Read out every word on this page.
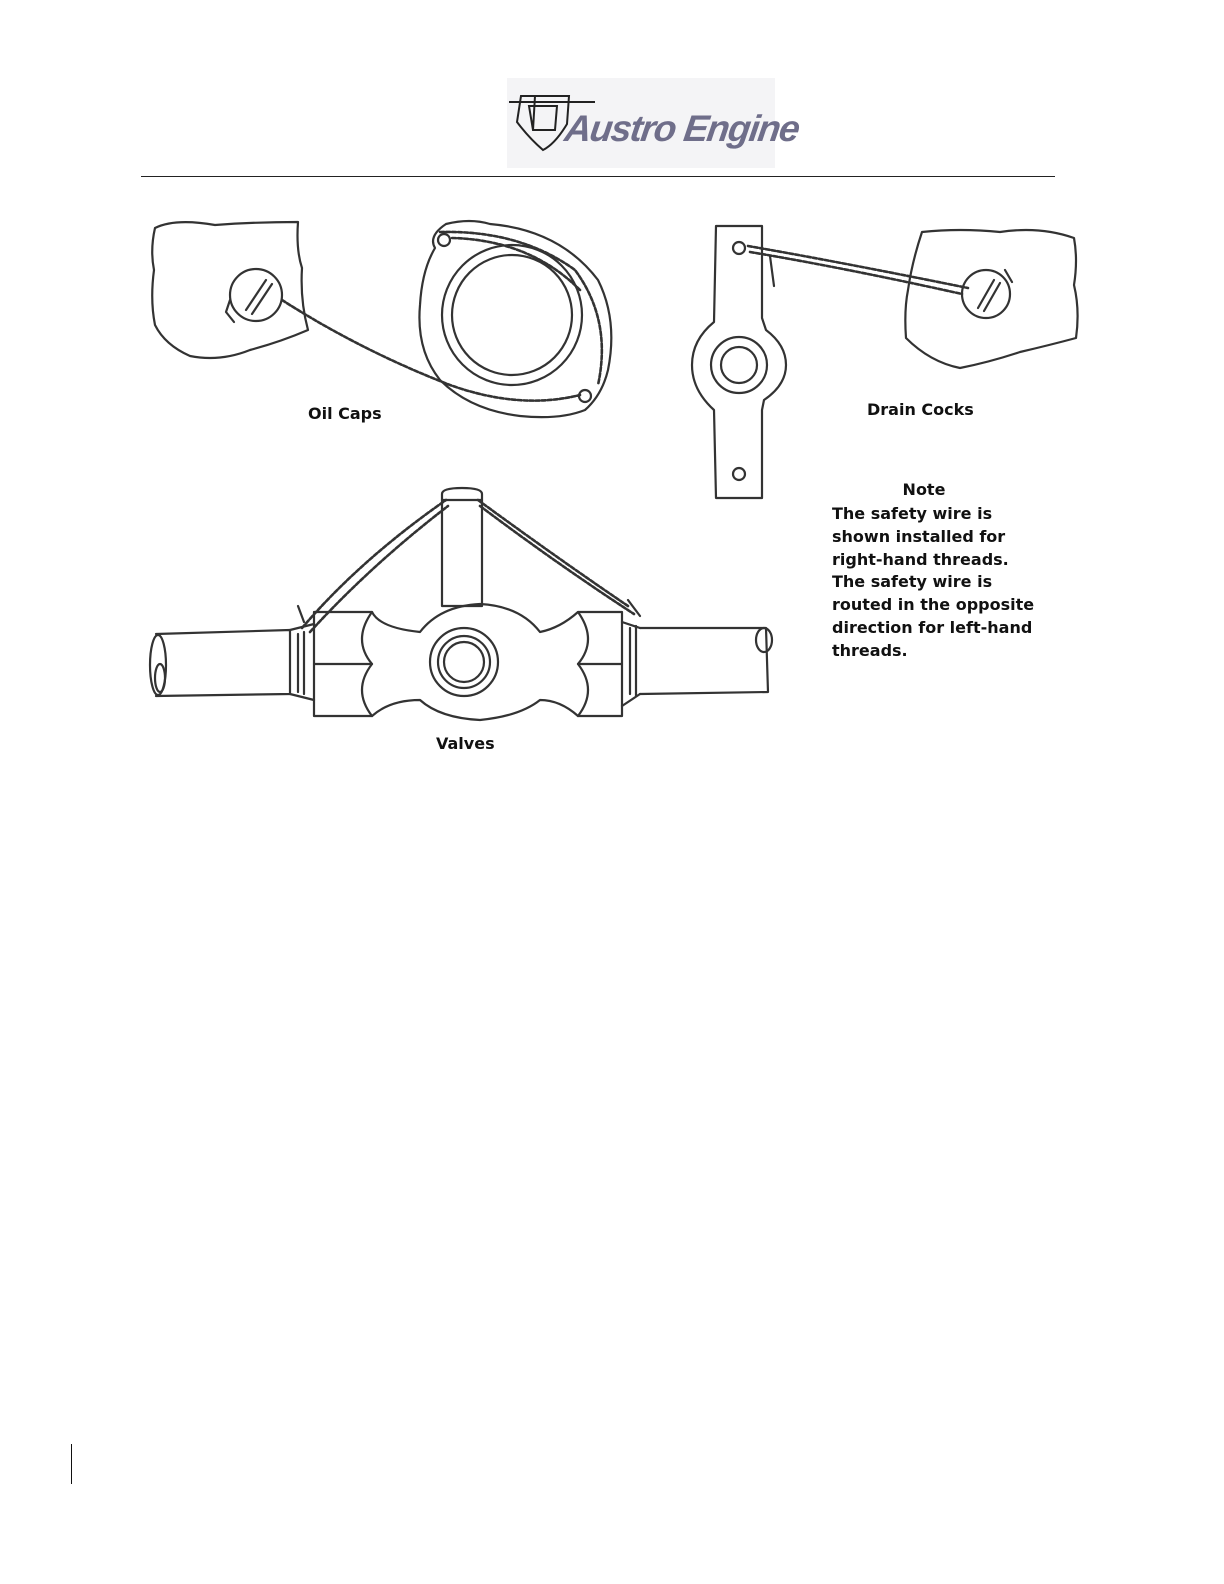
Austro Engine
Oil Caps	Drain Cocks
Valves
Note
The safety wire is shown installed for right-hand threads. The safety wire is routed in the opposite direction for left-hand threads.
